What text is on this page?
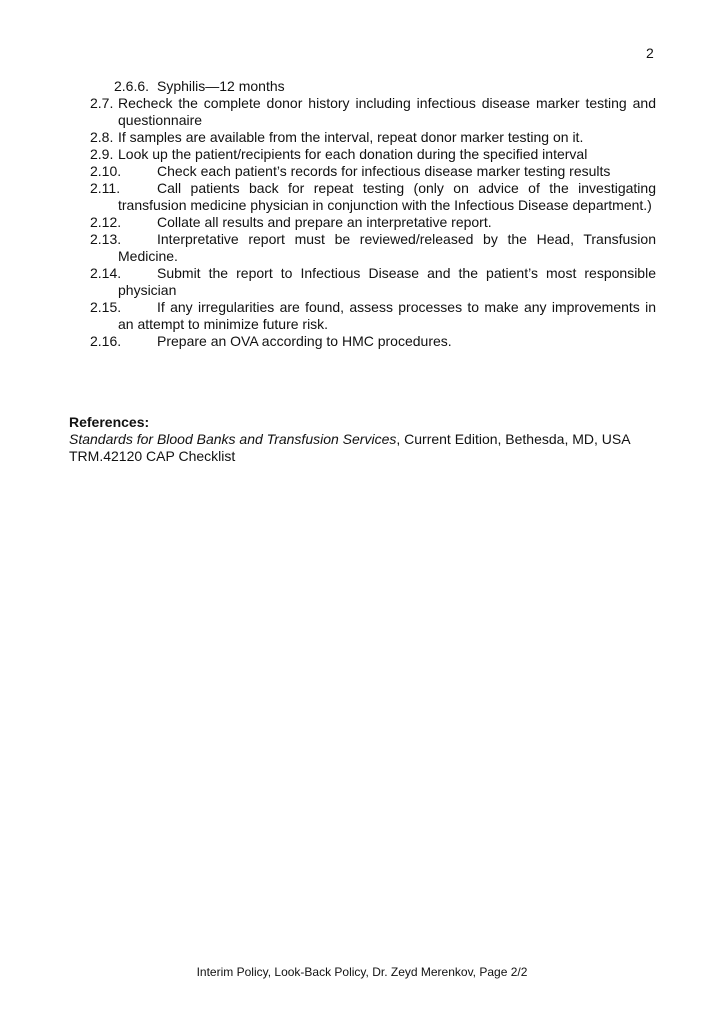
2
2.6.6. Syphilis—12 months
2.7. Recheck the complete donor history including infectious disease marker testing and questionnaire
2.8. If samples are available from the interval, repeat donor marker testing on it.
2.9. Look up the patient/recipients for each donation during the specified interval
2.10.	Check each patient’s records for infectious disease marker testing results
2.11.	Call patients back for repeat testing (only on advice of the investigating transfusion medicine physician in conjunction with the Infectious Disease department.)
2.12.	Collate all results and prepare an interpretative report.
2.13.	Interpretative report must be reviewed/released by the Head, Transfusion Medicine.
2.14.	Submit the report to Infectious Disease and the patient’s most responsible physician
2.15.	If any irregularities are found, assess processes to make any improvements in an attempt to minimize future risk.
2.16.	Prepare an OVA according to HMC procedures.
References:
Standards for Blood Banks and Transfusion Services, Current Edition, Bethesda, MD, USA
TRM.42120 CAP Checklist
Interim Policy, Look-Back Policy, Dr. Zeyd Merenkov, Page 2/2
